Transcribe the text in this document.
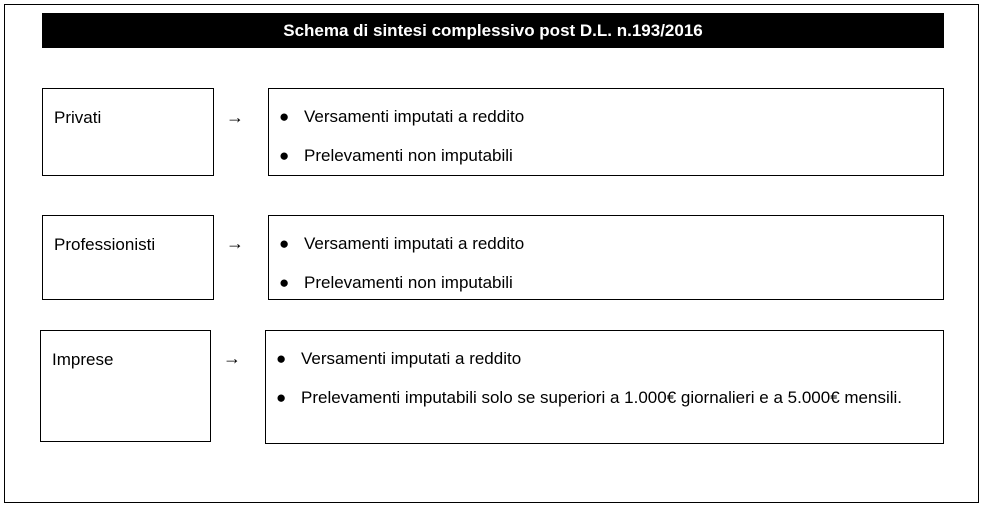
Schema di sintesi complessivo post D.L. n.193/2016
Privati	→ ● Versamenti imputati a reddito
● Prelevamenti non imputabili
Professionisti	→ ● Versamenti imputati a reddito
● Prelevamenti non imputabili
Imprese	→ ● Versamenti imputati a reddito
● Prelevamenti imputabili solo se superiori a 1.000€ giornalieri e a 5.000€ mensili.
